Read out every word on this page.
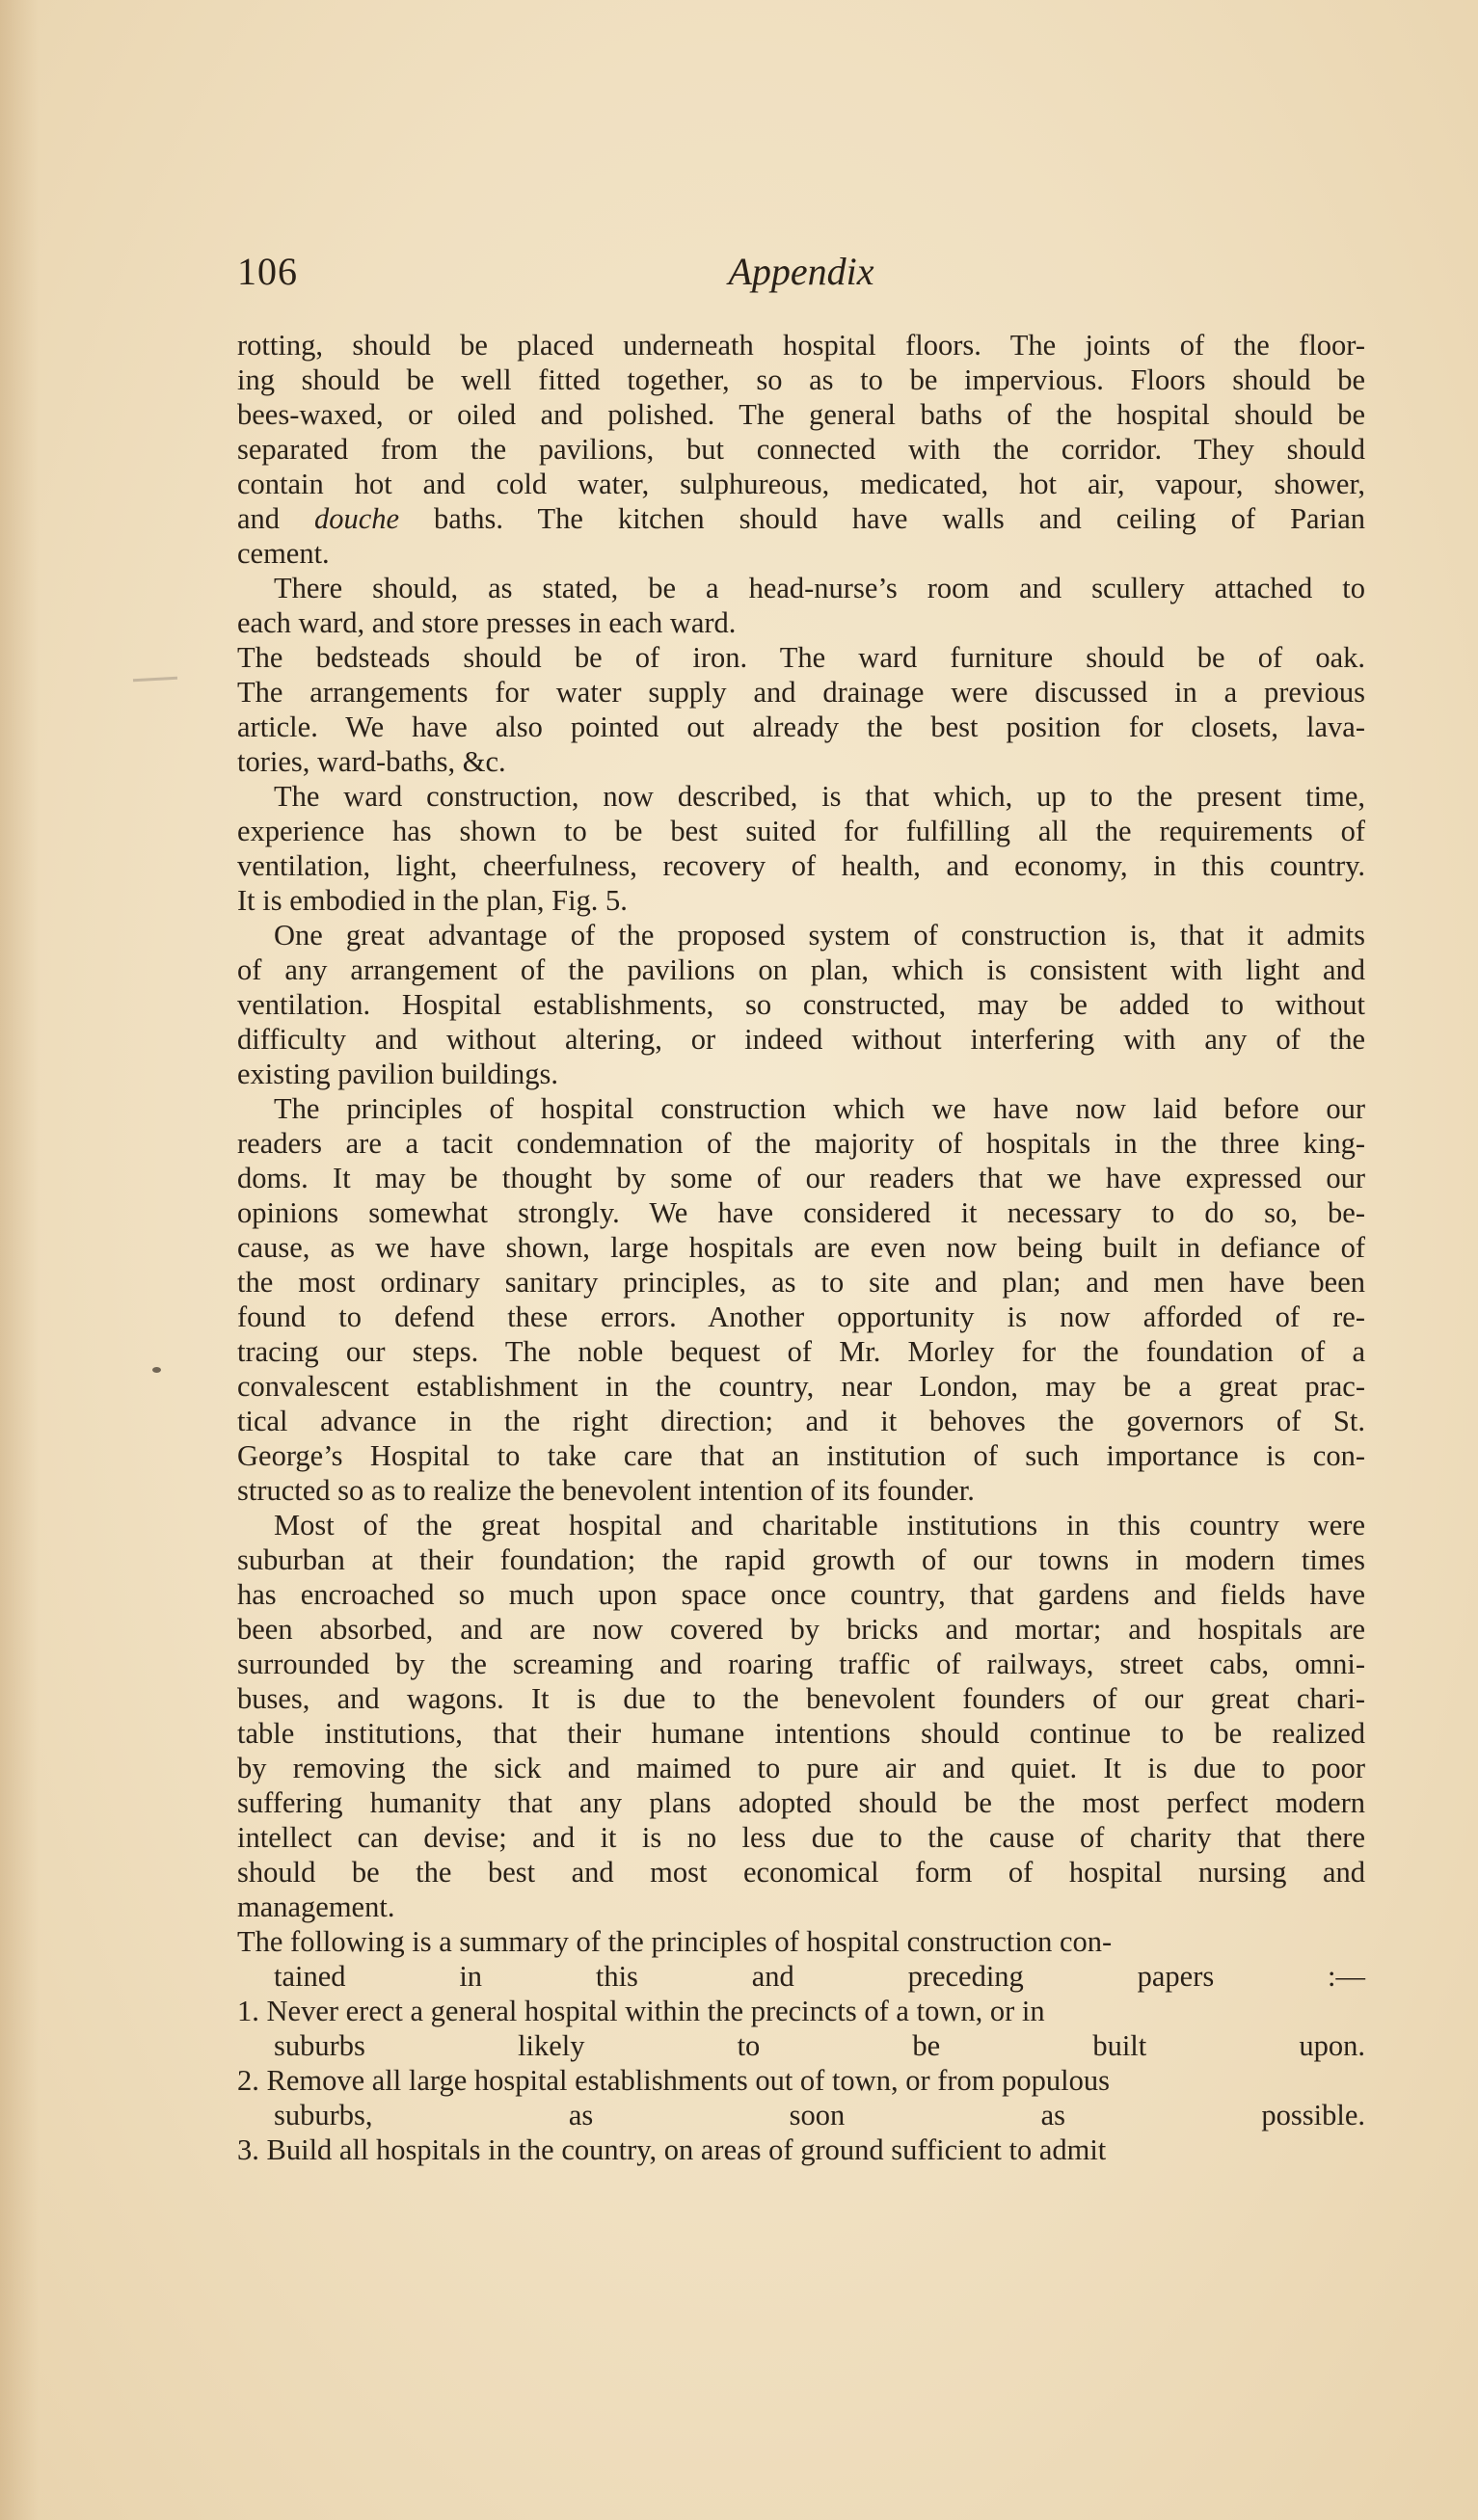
106	Appendix
rotting, should be placed underneath hospital floors. The joints of the floor-
ing should be well fitted together, so as to be impervious. Floors should be
bees-waxed, or oiled and polished. The general baths of the hospital should be
separated from the pavilions, but connected with the corridor. They should
contain hot and cold water, sulphureous, medicated, hot air, vapour, shower,
and douche baths. The kitchen should have walls and ceiling of Parian
cement.
There should, as stated, be a head-nurse’s room and scullery attached to
each ward, and store presses in each ward.
The bedsteads should be of iron. The ward furniture should be of oak.
The arrangements for water supply and drainage were discussed in a previous
article. We have also pointed out already the best position for closets, lava-
tories, ward-baths, &c.
The ward construction, now described, is that which, up to the present time,
experience has shown to be best suited for fulfilling all the requirements of
ventilation, light, cheerfulness, recovery of health, and economy, in this country.
It is embodied in the plan, Fig. 5.
One great advantage of the proposed system of construction is, that it admits
of any arrangement of the pavilions on plan, which is consistent with light and
ventilation. Hospital establishments, so constructed, may be added to without
difficulty and without altering, or indeed without interfering with any of the
existing pavilion buildings.
The principles of hospital construction which we have now laid before our
readers are a tacit condemnation of the majority of hospitals in the three king-
doms. It may be thought by some of our readers that we have expressed our
opinions somewhat strongly. We have considered it necessary to do so, be-
cause, as we have shown, large hospitals are even now being built in defiance of
the most ordinary sanitary principles, as to site and plan; and men have been
found to defend these errors. Another opportunity is now afforded of re-
tracing our steps. The noble bequest of Mr. Morley for the foundation of a
convalescent establishment in the country, near London, may be a great prac-
tical advance in the right direction; and it behoves the governors of St.
George’s Hospital to take care that an institution of such importance is con-
structed so as to realize the benevolent intention of its founder.
Most of the great hospital and charitable institutions in this country were
suburban at their foundation; the rapid growth of our towns in modern times
has encroached so much upon space once country, that gardens and fields have
been absorbed, and are now covered by bricks and mortar; and hospitals are
surrounded by the screaming and roaring traffic of railways, street cabs, omni-
buses, and wagons. It is due to the benevolent founders of our great chari-
table institutions, that their humane intentions should continue to be realized
by removing the sick and maimed to pure air and quiet. It is due to poor
suffering humanity that any plans adopted should be the most perfect modern
intellect can devise; and it is no less due to the cause of charity that there
should be the best and most economical form of hospital nursing and
management.
The following is a summary of the principles of hospital construction con-
tained in this and preceding papers :—
1. Never erect a general hospital within the precincts of a town, or in
suburbs likely to be built upon.
2. Remove all large hospital establishments out of town, or from populous
suburbs, as soon as possible.
3. Build all hospitals in the country, on areas of ground sufficient to admit
